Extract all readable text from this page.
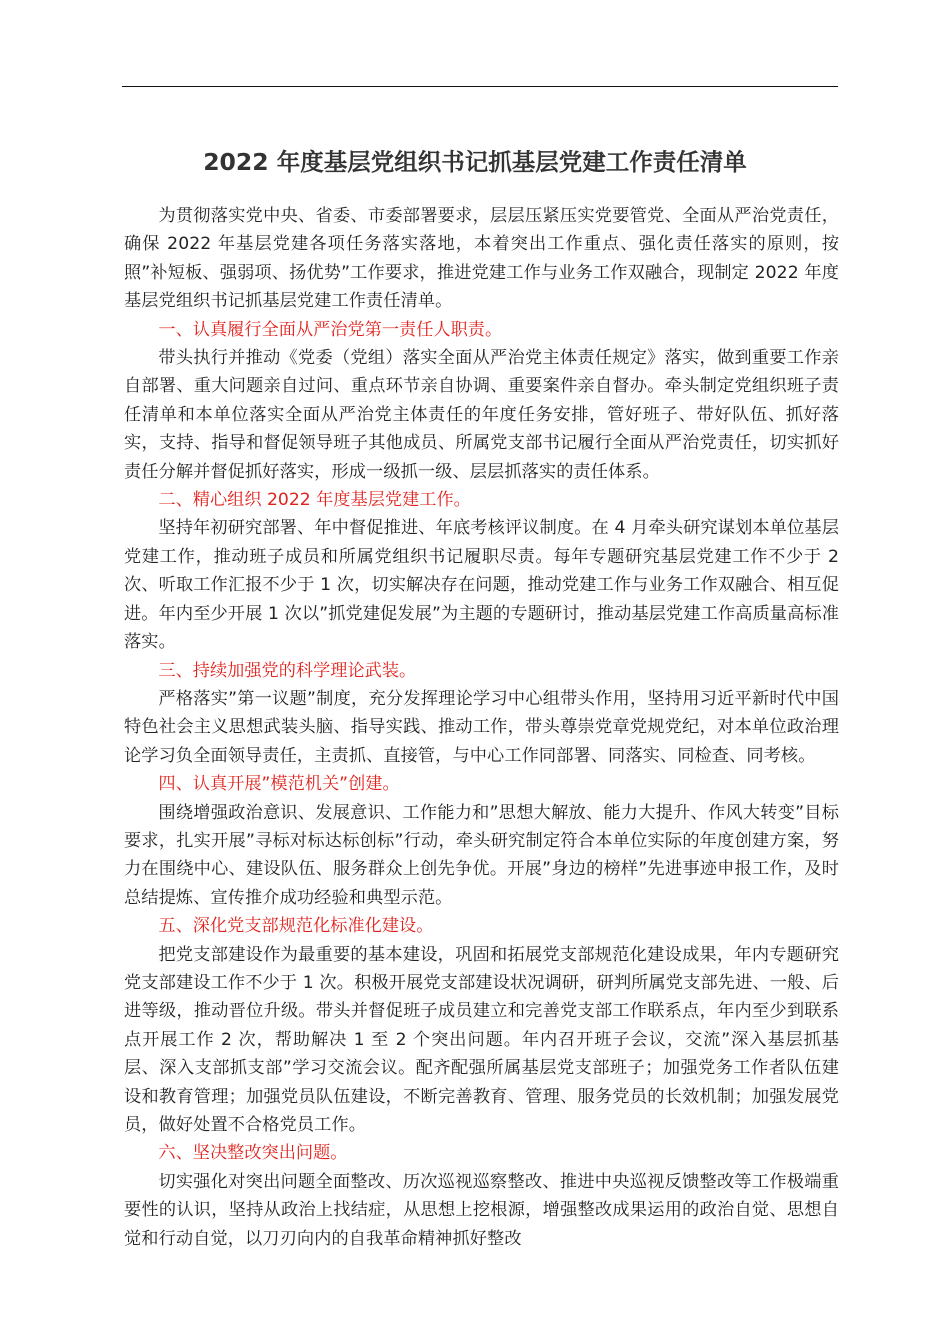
2022 年度基层党组织书记抓基层党建工作责任清单

为贯彻落实党中央、省委、市委部署要求，层层压紧压实党要管党、全面从严治党责任，确保 2022 年基层党建各项任务落实落地，本着突出工作重点、强化责任落实的原则，按照”补短板、强弱项、扬优势”工作要求，推进党建工作与业务工作双融合，现制定 2022 年度基层党组织书记抓基层党建工作责任清单。

一、认真履行全面从严治党第一责任人职责。

带头执行并推动《党委（党组）落实全面从严治党主体责任规定》落实，做到重要工作亲自部署、重大问题亲自过问、重点环节亲自协调、重要案件亲自督办。牵头制定党组织班子责任清单和本单位落实全面从严治党主体责任的年度任务安排，管好班子、带好队伍、抓好落实，支持、指导和督促领导班子其他成员、所属党支部书记履行全面从严治党责任，切实抓好责任分解并督促抓好落实，形成一级抓一级、层层抓落实的责任体系。

二、精心组织 2022 年度基层党建工作。

坚持年初研究部署、年中督促推进、年底考核评议制度。在 4 月牵头研究谋划本单位基层党建工作，推动班子成员和所属党组织书记履职尽责。每年专题研究基层党建工作不少于 2 次、听取工作汇报不少于 1 次，切实解决存在问题，推动党建工作与业务工作双融合、相互促进。年内至少开展 1 次以”抓党建促发展”为主题的专题研讨，推动基层党建工作高质量高标准落实。

三、持续加强党的科学理论武装。

严格落实”第一议题”制度，充分发挥理论学习中心组带头作用，坚持用习近平新时代中国特色社会主义思想武装头脑、指导实践、推动工作，带头尊崇党章党规党纪，对本单位政治理论学习负全面领导责任，主责抓、直接管，与中心工作同部署、同落实、同检查、同考核。

四、认真开展”模范机关”创建。

围绕增强政治意识、发展意识、工作能力和”思想大解放、能力大提升、作风大转变”目标要求，扎实开展”寻标对标达标创标”行动，牵头研究制定符合本单位实际的年度创建方案，努力在围绕中心、建设队伍、服务群众上创先争优。开展”身边的榜样”先进事迹申报工作，及时总结提炼、宣传推介成功经验和典型示范。

五、深化党支部规范化标准化建设。

把党支部建设作为最重要的基本建设，巩固和拓展党支部规范化建设成果，年内专题研究党支部建设工作不少于 1 次。积极开展党支部建设状况调研，研判所属党支部先进、一般、后进等级，推动晋位升级。带头并督促班子成员建立和完善党支部工作联系点，年内至少到联系点开展工作 2 次，帮助解决 1 至 2 个突出问题。年内召开班子会议，交流”深入基层抓基层、深入支部抓支部”学习交流会议。配齐配强所属基层党支部班子；加强党务工作者队伍建设和教育管理；加强党员队伍建设，不断完善教育、管理、服务党员的长效机制；加强发展党员，做好处置不合格党员工作。

六、坚决整改突出问题。

切实强化对突出问题全面整改、历次巡视巡察整改、推进中央巡视反馈整改等工作极端重要性的认识，坚持从政治上找结症，从思想上挖根源，增强整改成果运用的政治自觉、思想自觉和行动自觉，以刀刃向内的自我革命精神抓好整改
